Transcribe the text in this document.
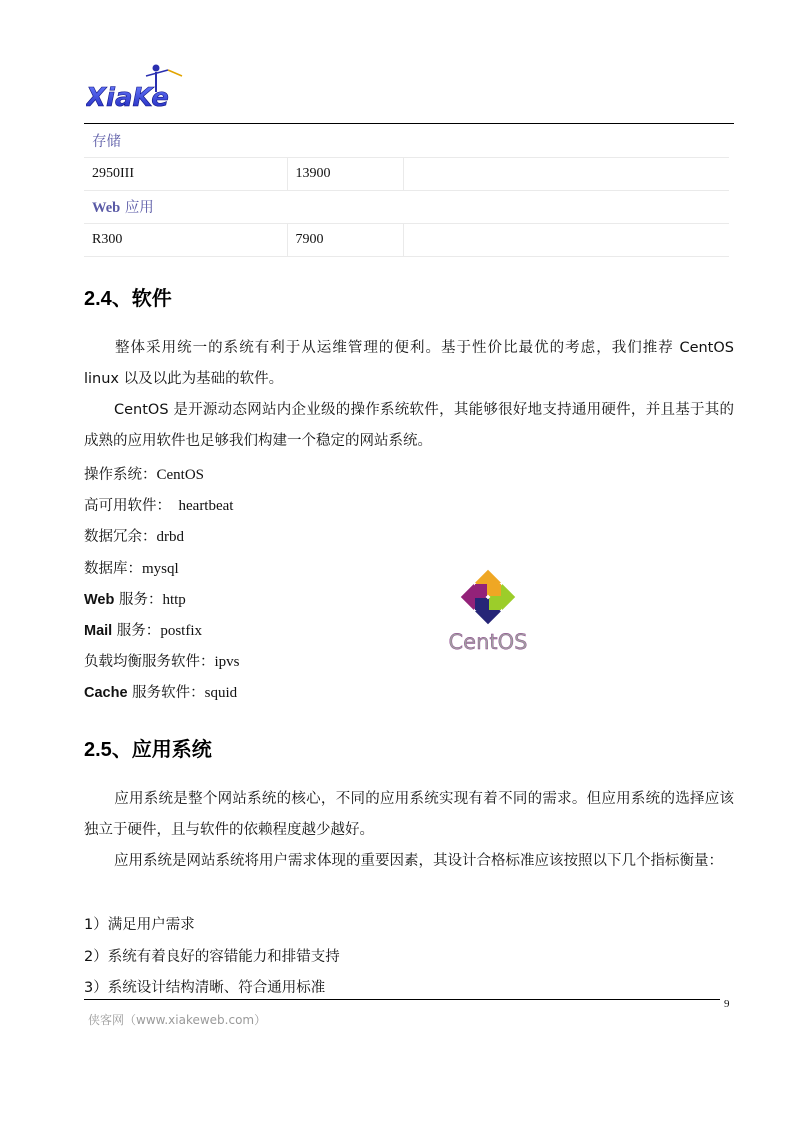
XiaKe
存储		
2950III	13900	
Web 应用		
R300	7900	
2.4、软件
整体采用统一的系统有利于从运维管理的便利。基于性价比最优的考虑，我们推荐 CentOS linux 以及以此为基础的软件。
CentOS 是开源动态网站内企业级的操作系统软件，其能够很好地支持通用硬件，并且基于其的成熟的应用软件也足够我们构建一个稳定的网站系统。
操作系统：CentOS
高可用软件：  heartbeat
数据冗余：drbd
数据库：mysql
Web 服务：http
Mail 服务：postfix
负载均衡服务软件：ipvs
Cache 服务软件：squid
CentOS
2.5、应用系统
应用系统是整个网站系统的核心，不同的应用系统实现有着不同的需求。但应用系统的选择应该独立于硬件，且与软件的依赖程度越少越好。
应用系统是网站系统将用户需求体现的重要因素，其设计合格标准应该按照以下几个指标衡量：
1）满足用户需求
2）系统有着良好的容错能力和排错支持
3）系统设计结构清晰、符合通用标准
9
侠客网（www.xiakeweb.com）
